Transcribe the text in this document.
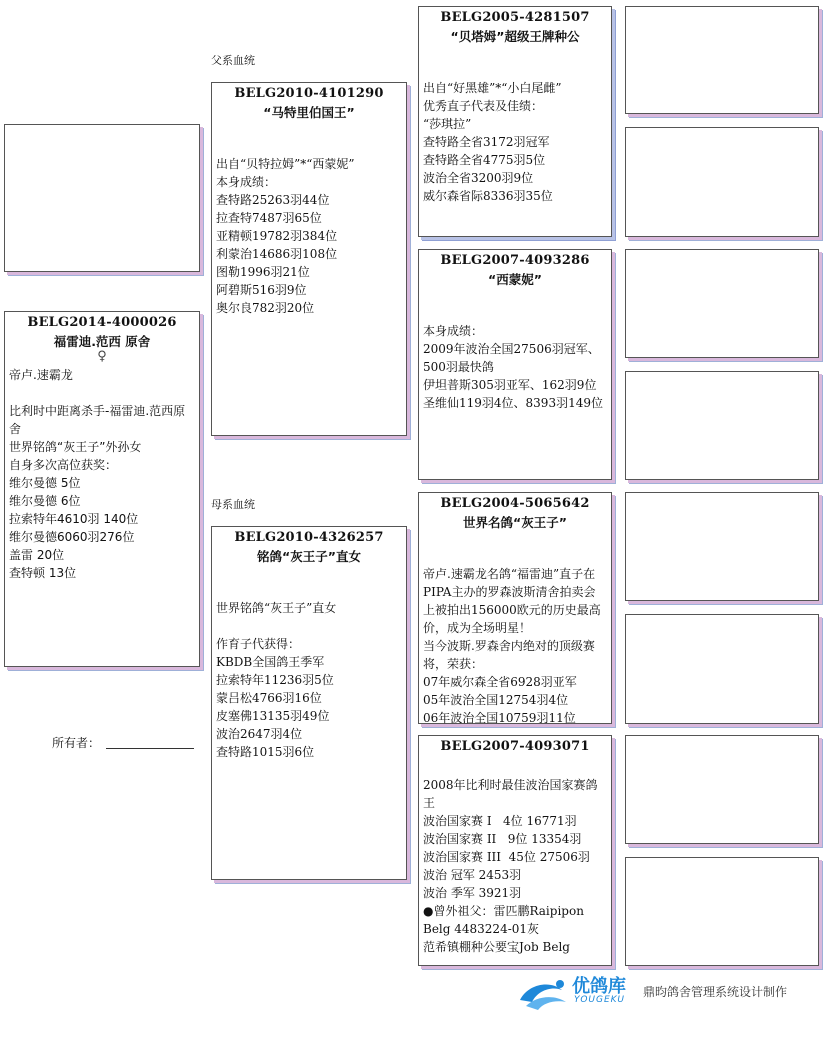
父系血统
母系血统
BELG2014-4000026
福雷迪.范西 原舍
♀
帝卢.速霸龙

比利时中距离杀手-福雷迪.范西原舍
世界铭鸽“灰王子”外孙女
自身多次高位获奖：
维尔曼德 5位
维尔曼德 6位
拉索特年4610羽 140位
维尔曼德6060羽276位
盖雷 20位
查特顿 13位
所有者：
BELG2010-4101290
“马特里伯国王”
出自“贝特拉姆”*“西蒙妮”
本身成绩：
查特路25263羽44位
拉查特7487羽65位
亚精顿19782羽384位
利蒙治14686羽108位
图勒1996羽21位
阿碧斯516羽9位
奥尔良782羽20位
BELG2010-4326257
铭鸽“灰王子”直女
世界铭鸽“灰王子”直女

作育子代获得：
KBDB全国鸽王季军
拉索特年11236羽5位
蒙吕松4766羽16位
皮塞佛13135羽49位
波治2647羽4位
查特路1015羽6位
BELG2005-4281507
“贝塔姆”超级王牌种公
出自“好黑雄”*“小白尾雌”
优秀直子代表及佳绩：
“莎琪拉”
查特路全省3172羽冠军
查特路全省4775羽5位
波治全省3200羽9位
威尔森省际8336羽35位
BELG2007-4093286
“西蒙妮”
本身成绩：
2009年波治全国27506羽冠军、500羽最快鸽
伊坦普斯305羽亚军、162羽9位
圣维仙119羽4位、8393羽149位
BELG2004-5065642
世界名鸽“灰王子”
帝卢.速霸龙名鸽“福雷迪”直子在PIPA主办的罗森波斯清舍拍卖会上被拍出156000欧元的历史最高价，成为全场明星！
当今波斯.罗森舍内绝对的顶级赛将，荣获：
07年威尔森全省6928羽亚军
05年波治全国12754羽4位
06年波治全国10759羽11位
BELG2007-4093071
2008年比利时最佳波治国家赛鸽王
波治国家赛 I   4位 16771羽
波治国家赛 II   9位 13354羽
波治国家赛 III  45位 27506羽
波治 冠军 2453羽
波治 季军 3921羽
●曾外祖父：雷匹鹏Raipipon Belg 4483224-01灰
范希镇棚种公要宝Job Belg
优鸽库
YOUGEKU
鼎昀鸽舍管理系统设计制作
